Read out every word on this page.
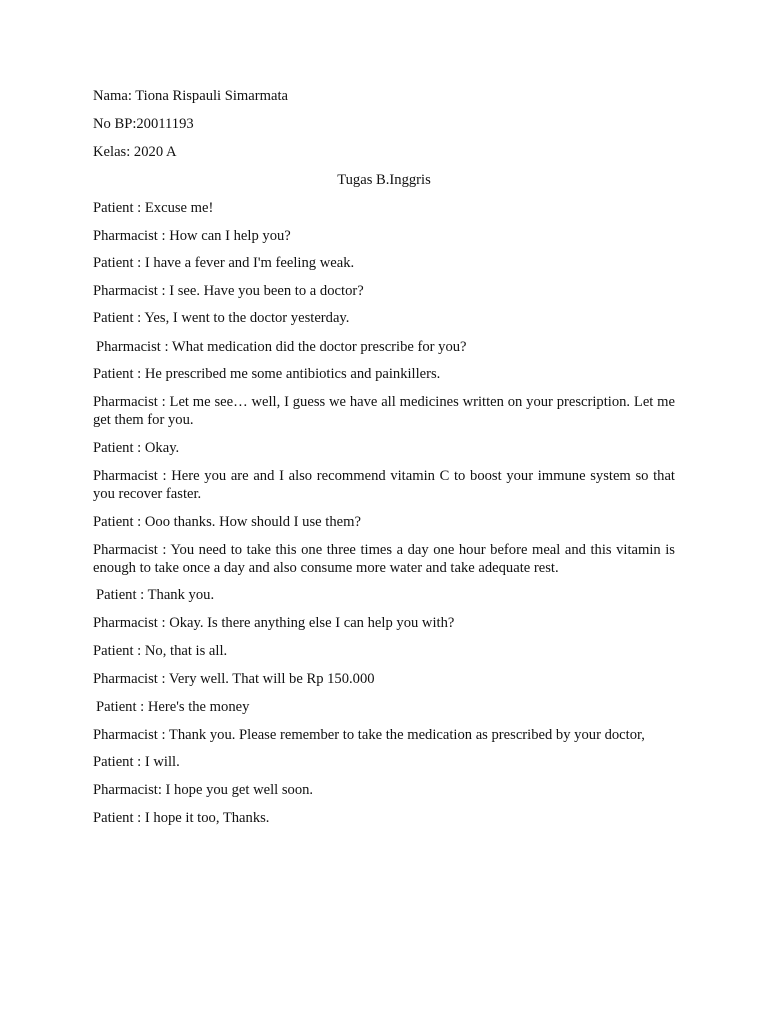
Nama: Tiona Rispauli Simarmata

No BP:20011193

Kelas: 2020 A

Tugas B.Inggris

Patient : Excuse me!

Pharmacist : How can I help you?

Patient : I have a fever and I'm feeling weak.

Pharmacist : I see. Have you been to a doctor?

Patient : Yes, I went to the doctor yesterday.

Pharmacist : What medication did the doctor prescribe for you?

Patient : He prescribed me some antibiotics and painkillers.

Pharmacist : Let me see… well, I guess we have all medicines written on your prescription. Let me get them for you.

Patient : Okay.

Pharmacist : Here you are and I also recommend vitamin C to boost your immune system so that you recover faster.

Patient : Ooo thanks. How should I use them?

Pharmacist : You need to take this one three times a day one hour before meal and this vitamin is enough to take once a day and also consume more water and take adequate rest.

Patient : Thank you.

Pharmacist : Okay. Is there anything else I can help you with?

Patient : No, that is all.

Pharmacist : Very well. That will be Rp 150.000

Patient : Here's the money

Pharmacist : Thank you. Please remember to take the medication as prescribed by your doctor,

Patient : I will.

Pharmacist: I hope you get well soon.

Patient : I hope it too, Thanks.
